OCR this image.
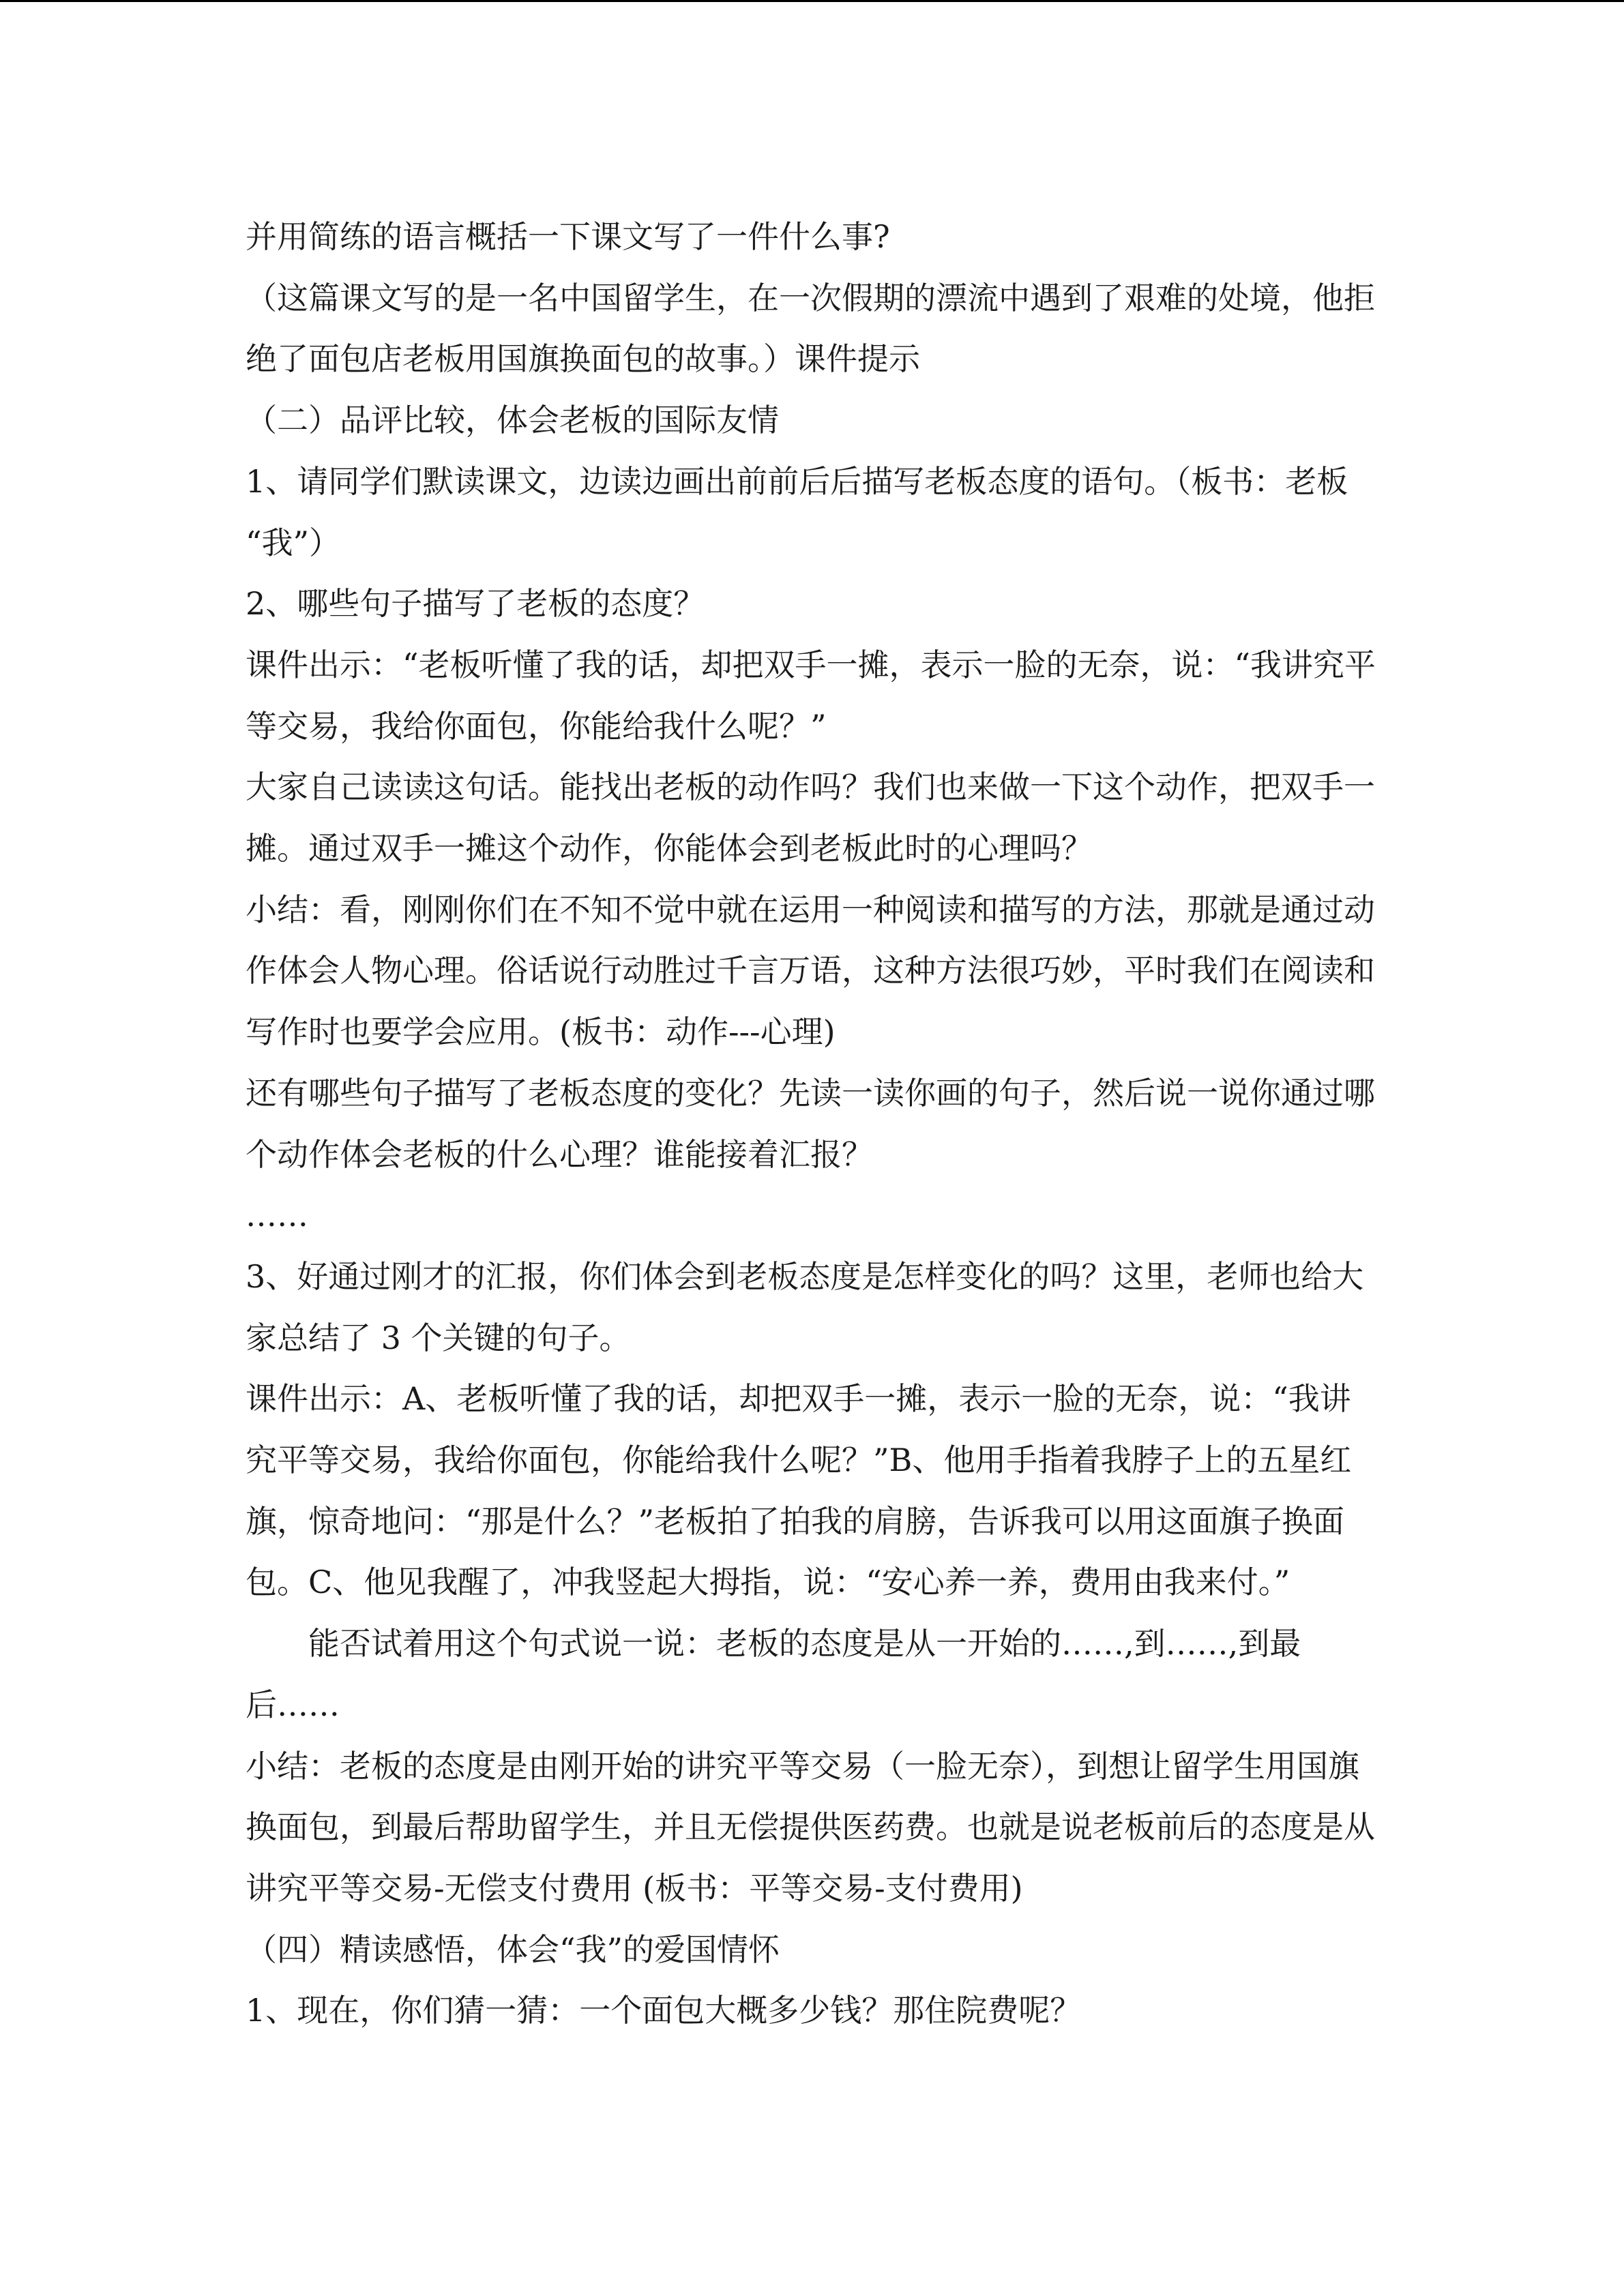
并用简练的语言概括一下课文写了一件什么事?

（这篇课文写的是一名中国留学生，在一次假期的漂流中遇到了艰难的处境，他拒绝了面包店老板用国旗换面包的故事。）课件提示

（二）品评比较，体会老板的国际友情

1、请同学们默读课文，边读边画出前前后后描写老板态度的语句。（板书：老板　　　“我”）

2、哪些句子描写了老板的态度？

课件出示：“老板听懂了我的话，却把双手一摊，表示一脸的无奈，说：“我讲究平等交易，我给你面包，你能给我什么呢？”

大家自己读读这句话。能找出老板的动作吗？我们也来做一下这个动作，把双手一摊。通过双手一摊这个动作，你能体会到老板此时的心理吗？

小结：看，刚刚你们在不知不觉中就在运用一种阅读和描写的方法，那就是通过动作体会人物心理。俗话说行动胜过千言万语，这种方法很巧妙，平时我们在阅读和写作时也要学会应用。(板书：动作---心理)

还有哪些句子描写了老板态度的变化？先读一读你画的句子，然后说一说你通过哪个动作体会老板的什么心理？谁能接着汇报？

……

3、好通过刚才的汇报，你们体会到老板态度是怎样变化的吗？这里，老师也给大家总结了 3 个关键的句子。

课件出示：A、老板听懂了我的话，却把双手一摊，表示一脸的无奈，说：“我讲究平等交易，我给你面包，你能给我什么呢？”B、他用手指着我脖子上的五星红旗，惊奇地问：“那是什么？”老板拍了拍我的肩膀，告诉我可以用这面旗子换面包。C、他见我醒了，冲我竖起大拇指，说：“安心养一养，费用由我来付。”

能否试着用这个句式说一说：老板的态度是从一开始的……,到……,到最后……

小结：老板的态度是由刚开始的讲究平等交易（一脸无奈），到想让留学生用国旗换面包，到最后帮助留学生，并且无偿提供医药费。也就是说老板前后的态度是从 讲究平等交易-无偿支付费用 (板书：平等交易-支付费用)

（四）精读感悟，体会“我”的爱国情怀

1、现在，你们猜一猜：一个面包大概多少钱？那住院费呢？
